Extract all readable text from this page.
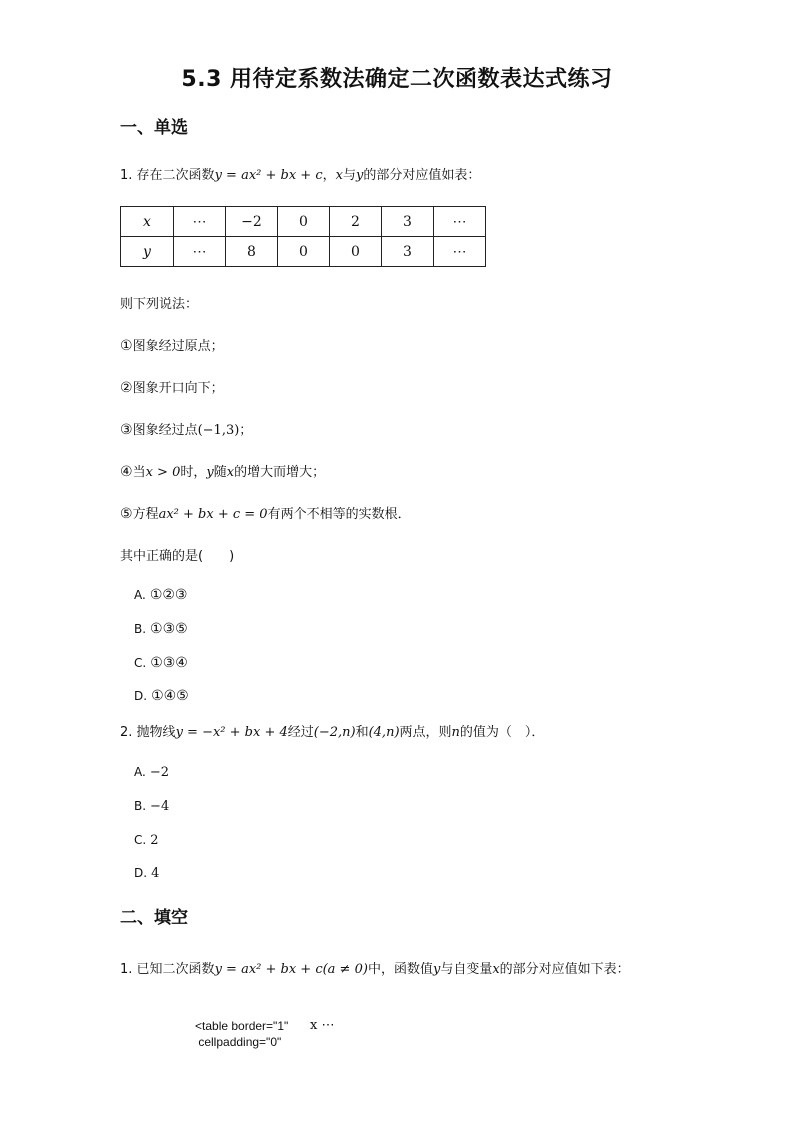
5.3 用待定系数法确定二次函数表达式练习
一、单选
1. 存在二次函数y = ax² + bx + c，x与y的部分对应值如表：
x	⋯	−2	0	2	3	⋯
y	⋯	8	0	0	3	⋯
则下列说法：
①图象经过原点；
②图象开口向下；
③图象经过点(−1,3)；
④当x > 0时，y随x的增大而增大；
⑤方程ax² + bx + c = 0有两个不相等的实数根．
其中正确的是(　　)
A. ①②③
B. ①③⑤
C. ①③④
D. ①④⑤
2. 抛物线y = −x² + bx + 4经过(−2,n)和(4,n)两点，则n的值为（　）．
A. −2
B. −4
C. 2
D. 4
二、填空
1. 已知二次函数y = ax² + bx + c(a ≠ 0)中，函数值y与自变量x的部分对应值如下表：
<table border="1"
cellpadding="0"
x ⋯
